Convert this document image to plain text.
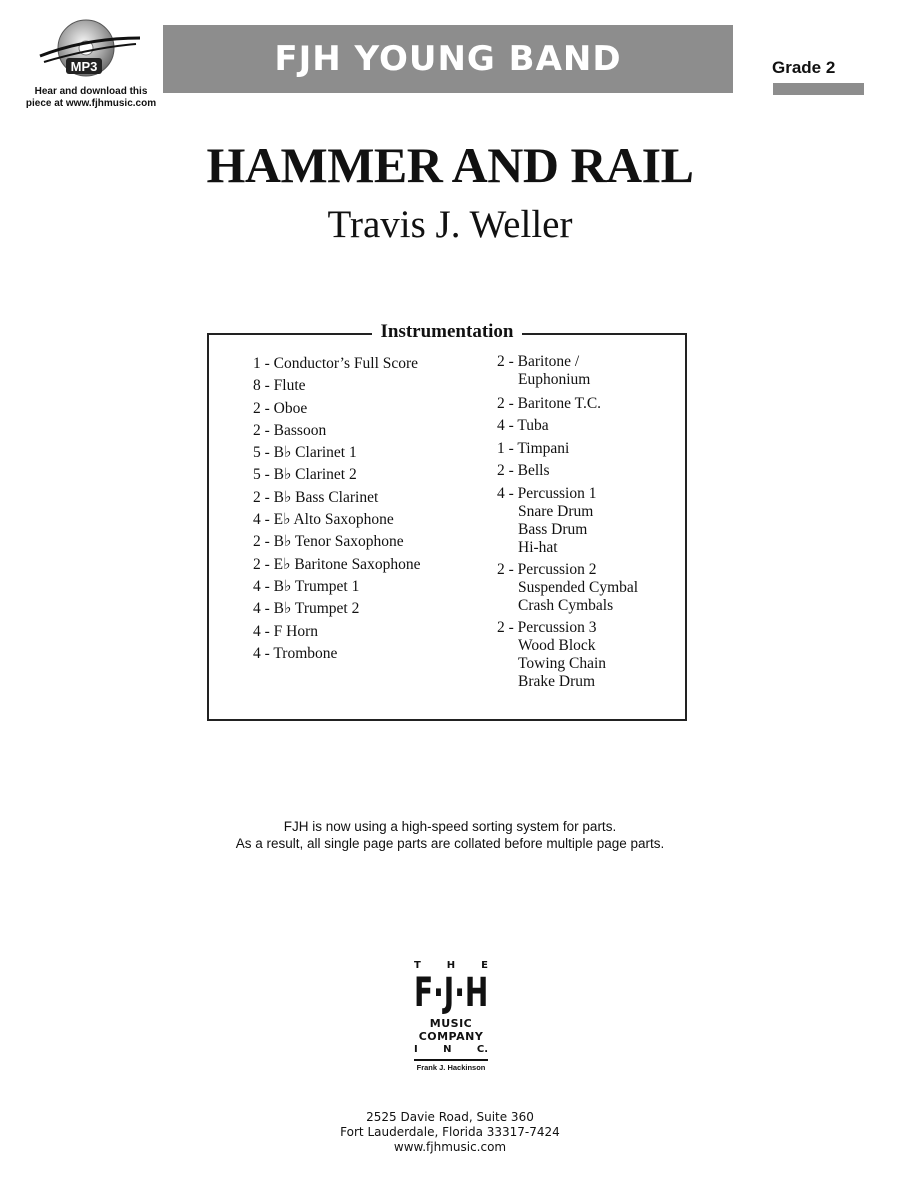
MP3
Hear and download this
piece at www.fjhmusic.com
FJH YOUNG BAND	Grade 2
HAMMER AND RAIL
Travis J. Weller
Instrumentation
1 - Conductor’s Full Score
8 - Flute
2 - Oboe
2 - Bassoon
5 - B♭ Clarinet 1
5 - B♭ Clarinet 2
2 - B♭ Bass Clarinet
4 - E♭ Alto Saxophone
2 - B♭ Tenor Saxophone
2 - E♭ Baritone Saxophone
4 - B♭ Trumpet 1
4 - B♭ Trumpet 2
4 - F Horn
4 - Trombone
2 - Baritone /
Euphonium
2 - Baritone T.C.
4 - Tuba
1 - Timpani
2 - Bells
4 - Percussion 1
Snare Drum
Bass Drum
Hi-hat
2 - Percussion 2
Suspended Cymbal
Crash Cymbals
2 - Percussion 3
Wood Block
Towing Chain
Brake Drum
FJH is now using a high-speed sorting system for parts.
As a result, all single page parts are collated before multiple page parts.
T	H	E
F · J · H
MUSIC
COMPANY
I	N	C.
Frank J. Hackinson
2525 Davie Road, Suite 360
Fort Lauderdale, Florida 33317-7424
www.fjhmusic.com
